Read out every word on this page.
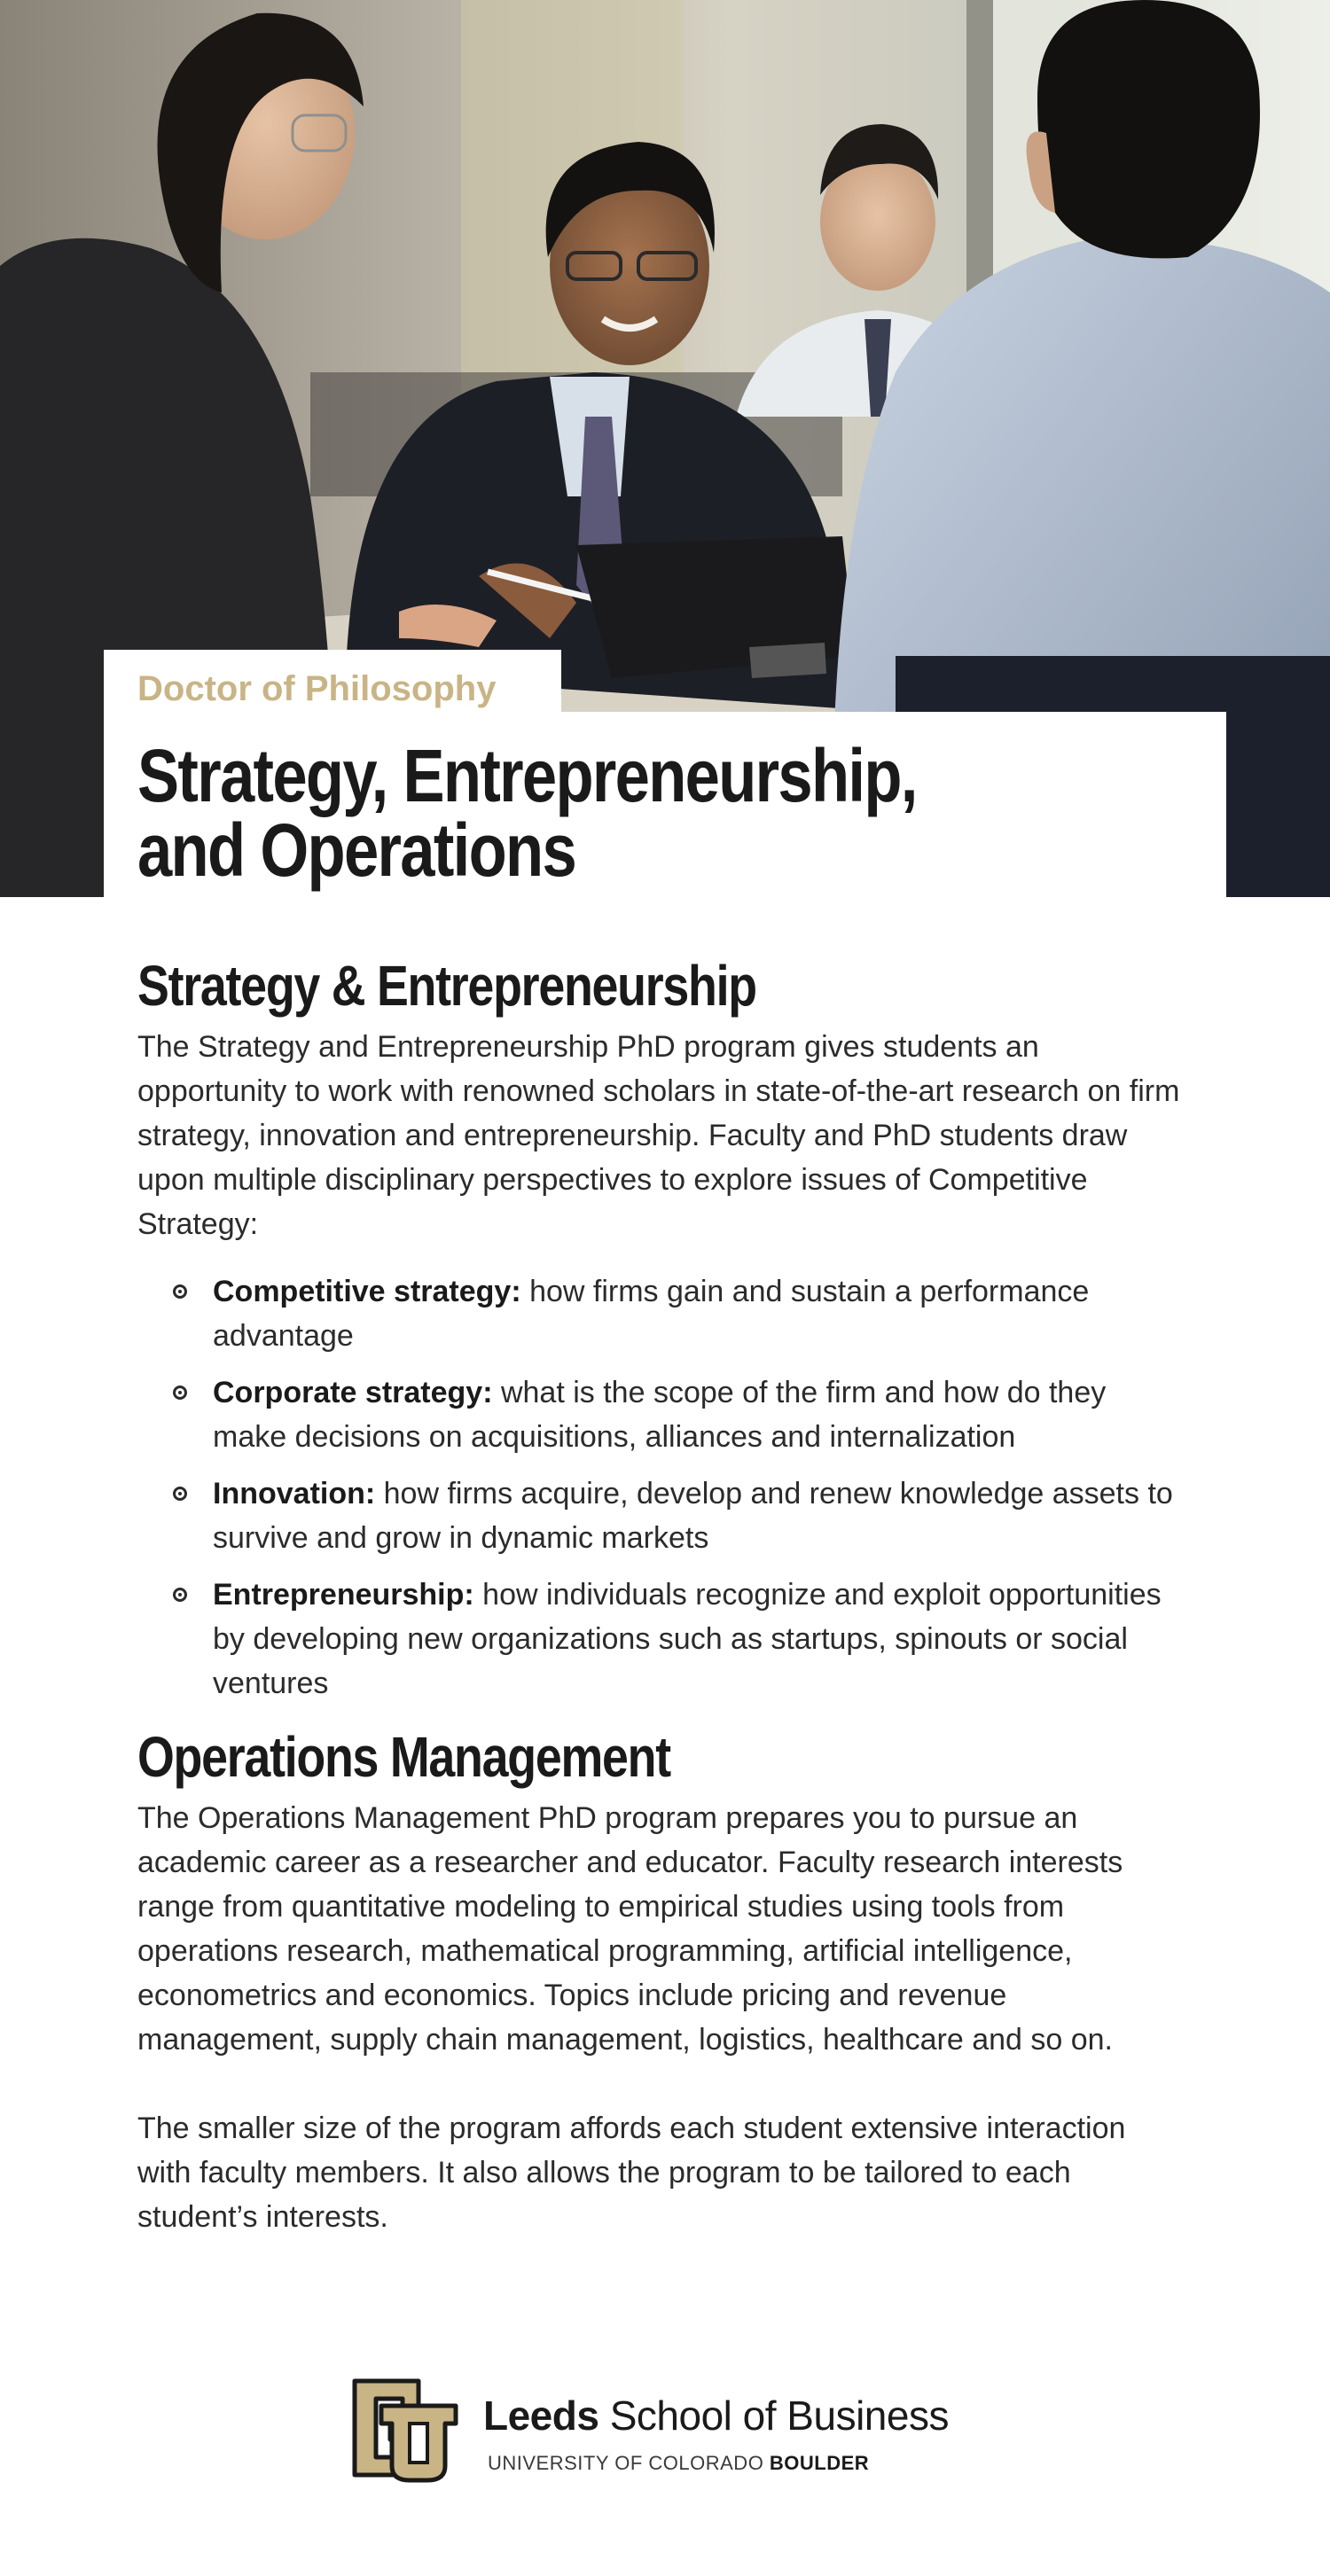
Doctor of Philosophy
Strategy, Entrepreneurship,
and Operations
Strategy & Entrepreneurship

The Strategy and Entrepreneurship PhD program gives students an opportunity to work with renowned scholars in state-of-the-art research on firm strategy, innovation and entrepreneurship. Faculty and PhD students draw upon multiple disciplinary perspectives to explore issues of Competitive Strategy:

Competitive strategy: how firms gain and sustain a performance advantage
Corporate strategy: what is the scope of the firm and how do they make decisions on acquisitions, alliances and internalization
Innovation: how firms acquire, develop and renew knowledge assets to survive and grow in dynamic markets
Entrepreneurship: how individuals recognize and exploit opportunities by developing new organizations such as startups, spinouts or social ventures
Operations Management

The Operations Management PhD program prepares you to pursue an academic career as a researcher and educator. Faculty research interests range from quantitative modeling to empirical studies using tools from operations research, mathematical programming, artificial intelligence, econometrics and economics. Topics include pricing and revenue management, supply chain management, logistics, healthcare and so on.

The smaller size of the program affords each student extensive interaction with faculty members. It also allows the program to be tailored to each student’s interests.

Leeds School of Business
UNIVERSITY OF COLORADO BOULDER
